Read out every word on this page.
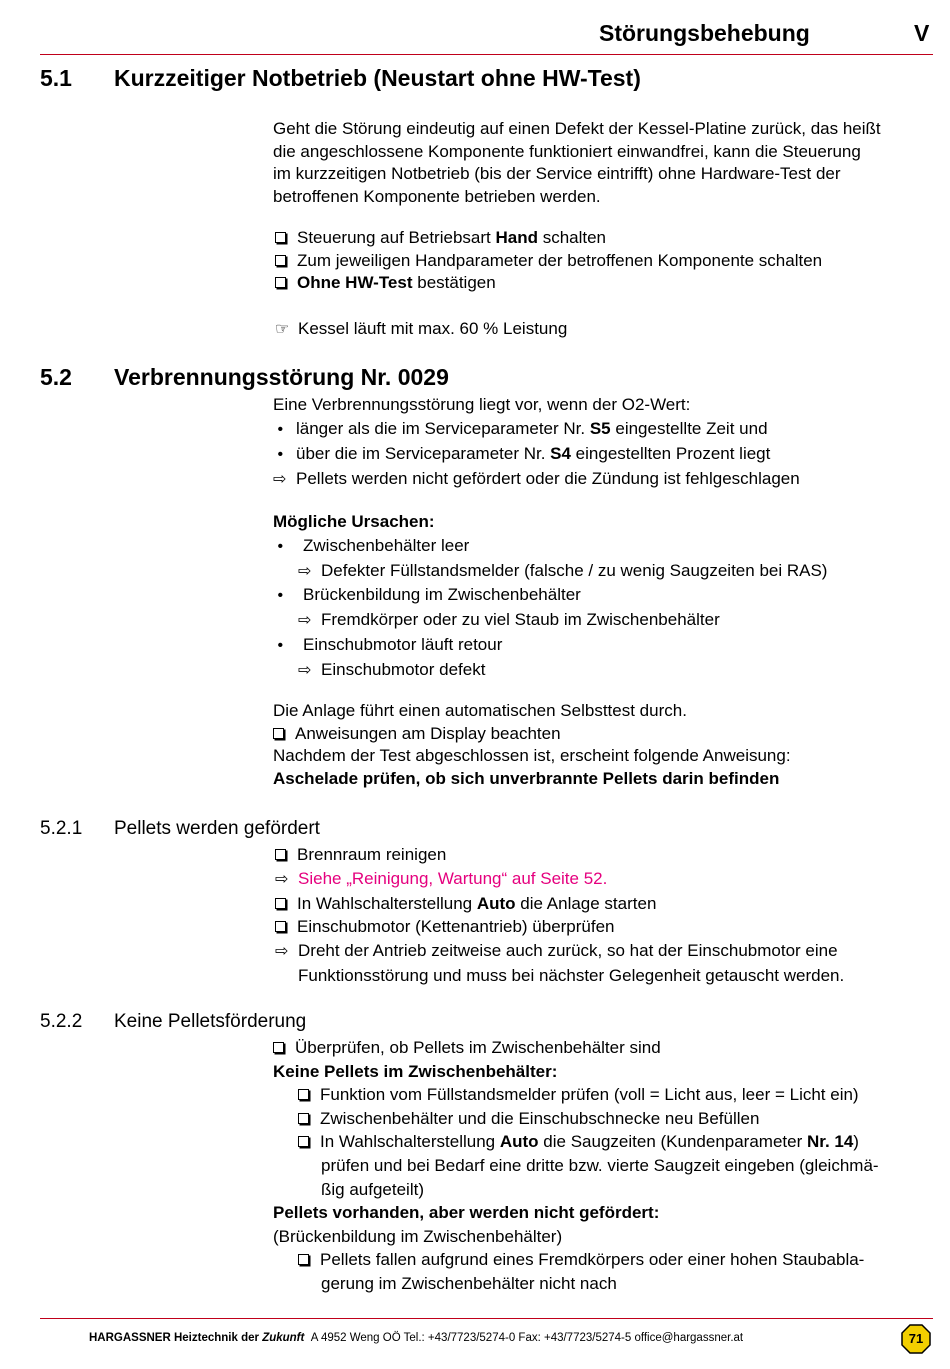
Störungsbehebung	V
5.1 Kurzzeitiger Notbetrieb (Neustart ohne HW-Test)
Geht die Störung eindeutig auf einen Defekt der Kessel-Platine zurück, das heißt
die angeschlossene Komponente funktioniert einwandfrei, kann die Steuerung
im kurzzeitigen Notbetrieb (bis der Service eintrifft) ohne Hardware-Test der
betroffenen Komponente betrieben werden.
Steuerung auf Betriebsart Hand schalten
Zum jeweiligen Handparameter der betroffenen Komponente schalten
Ohne HW-Test bestätigen
☞ Kessel läuft mit max. 60 % Leistung
5.2 Verbrennungsstörung Nr. 0029
Eine Verbrennungsstörung liegt vor, wenn der O2-Wert:
• länger als die im Serviceparameter Nr. S5 eingestellte Zeit und
• über die im Serviceparameter Nr. S4 eingestellten Prozent liegt
⇨ Pellets werden nicht gefördert oder die Zündung ist fehlgeschlagen
Mögliche Ursachen:
• Zwischenbehälter leer
⇨ Defekter Füllstandsmelder (falsche / zu wenig Saugzeiten bei RAS)
• Brückenbildung im Zwischenbehälter
⇨ Fremdkörper oder zu viel Staub im Zwischenbehälter
• Einschubmotor läuft retour
⇨ Einschubmotor defekt
Die Anlage führt einen automatischen Selbsttest durch.
Anweisungen am Display beachten
Nachdem der Test abgeschlossen ist, erscheint folgende Anweisung:
Aschelade prüfen, ob sich unverbrannte Pellets darin befinden
5.2.1 Pellets werden gefördert
Brennraum reinigen
⇨ Siehe „Reinigung, Wartung“ auf Seite 52.
In Wahlschalterstellung Auto die Anlage starten
Einschubmotor (Kettenantrieb) überprüfen
⇨ Dreht der Antrieb zeitweise auch zurück, so hat der Einschubmotor eine
Funktionsstörung und muss bei nächster Gelegenheit getauscht werden.
5.2.2 Keine Pelletsförderung
Überprüfen, ob Pellets im Zwischenbehälter sind
Keine Pellets im Zwischenbehälter:
Funktion vom Füllstandsmelder prüfen (voll = Licht aus, leer = Licht ein)
Zwischenbehälter und die Einschubschnecke neu Befüllen
In Wahlschalterstellung Auto die Saugzeiten (Kundenparameter Nr. 14)
prüfen und bei Bedarf eine dritte bzw. vierte Saugzeit eingeben (gleichmä-
ßig aufgeteilt)
Pellets vorhanden, aber werden nicht gefördert:
(Brückenbildung im Zwischenbehälter)
Pellets fallen aufgrund eines Fremdkörpers oder einer hohen Staubabla-
gerung im Zwischenbehälter nicht nach
HARGASSNER Heiztechnik der Zukunft A 4952 Weng OÖ Tel.: +43/7723/5274-0 Fax: +43/7723/5274-5 office@hargassner.at	71
